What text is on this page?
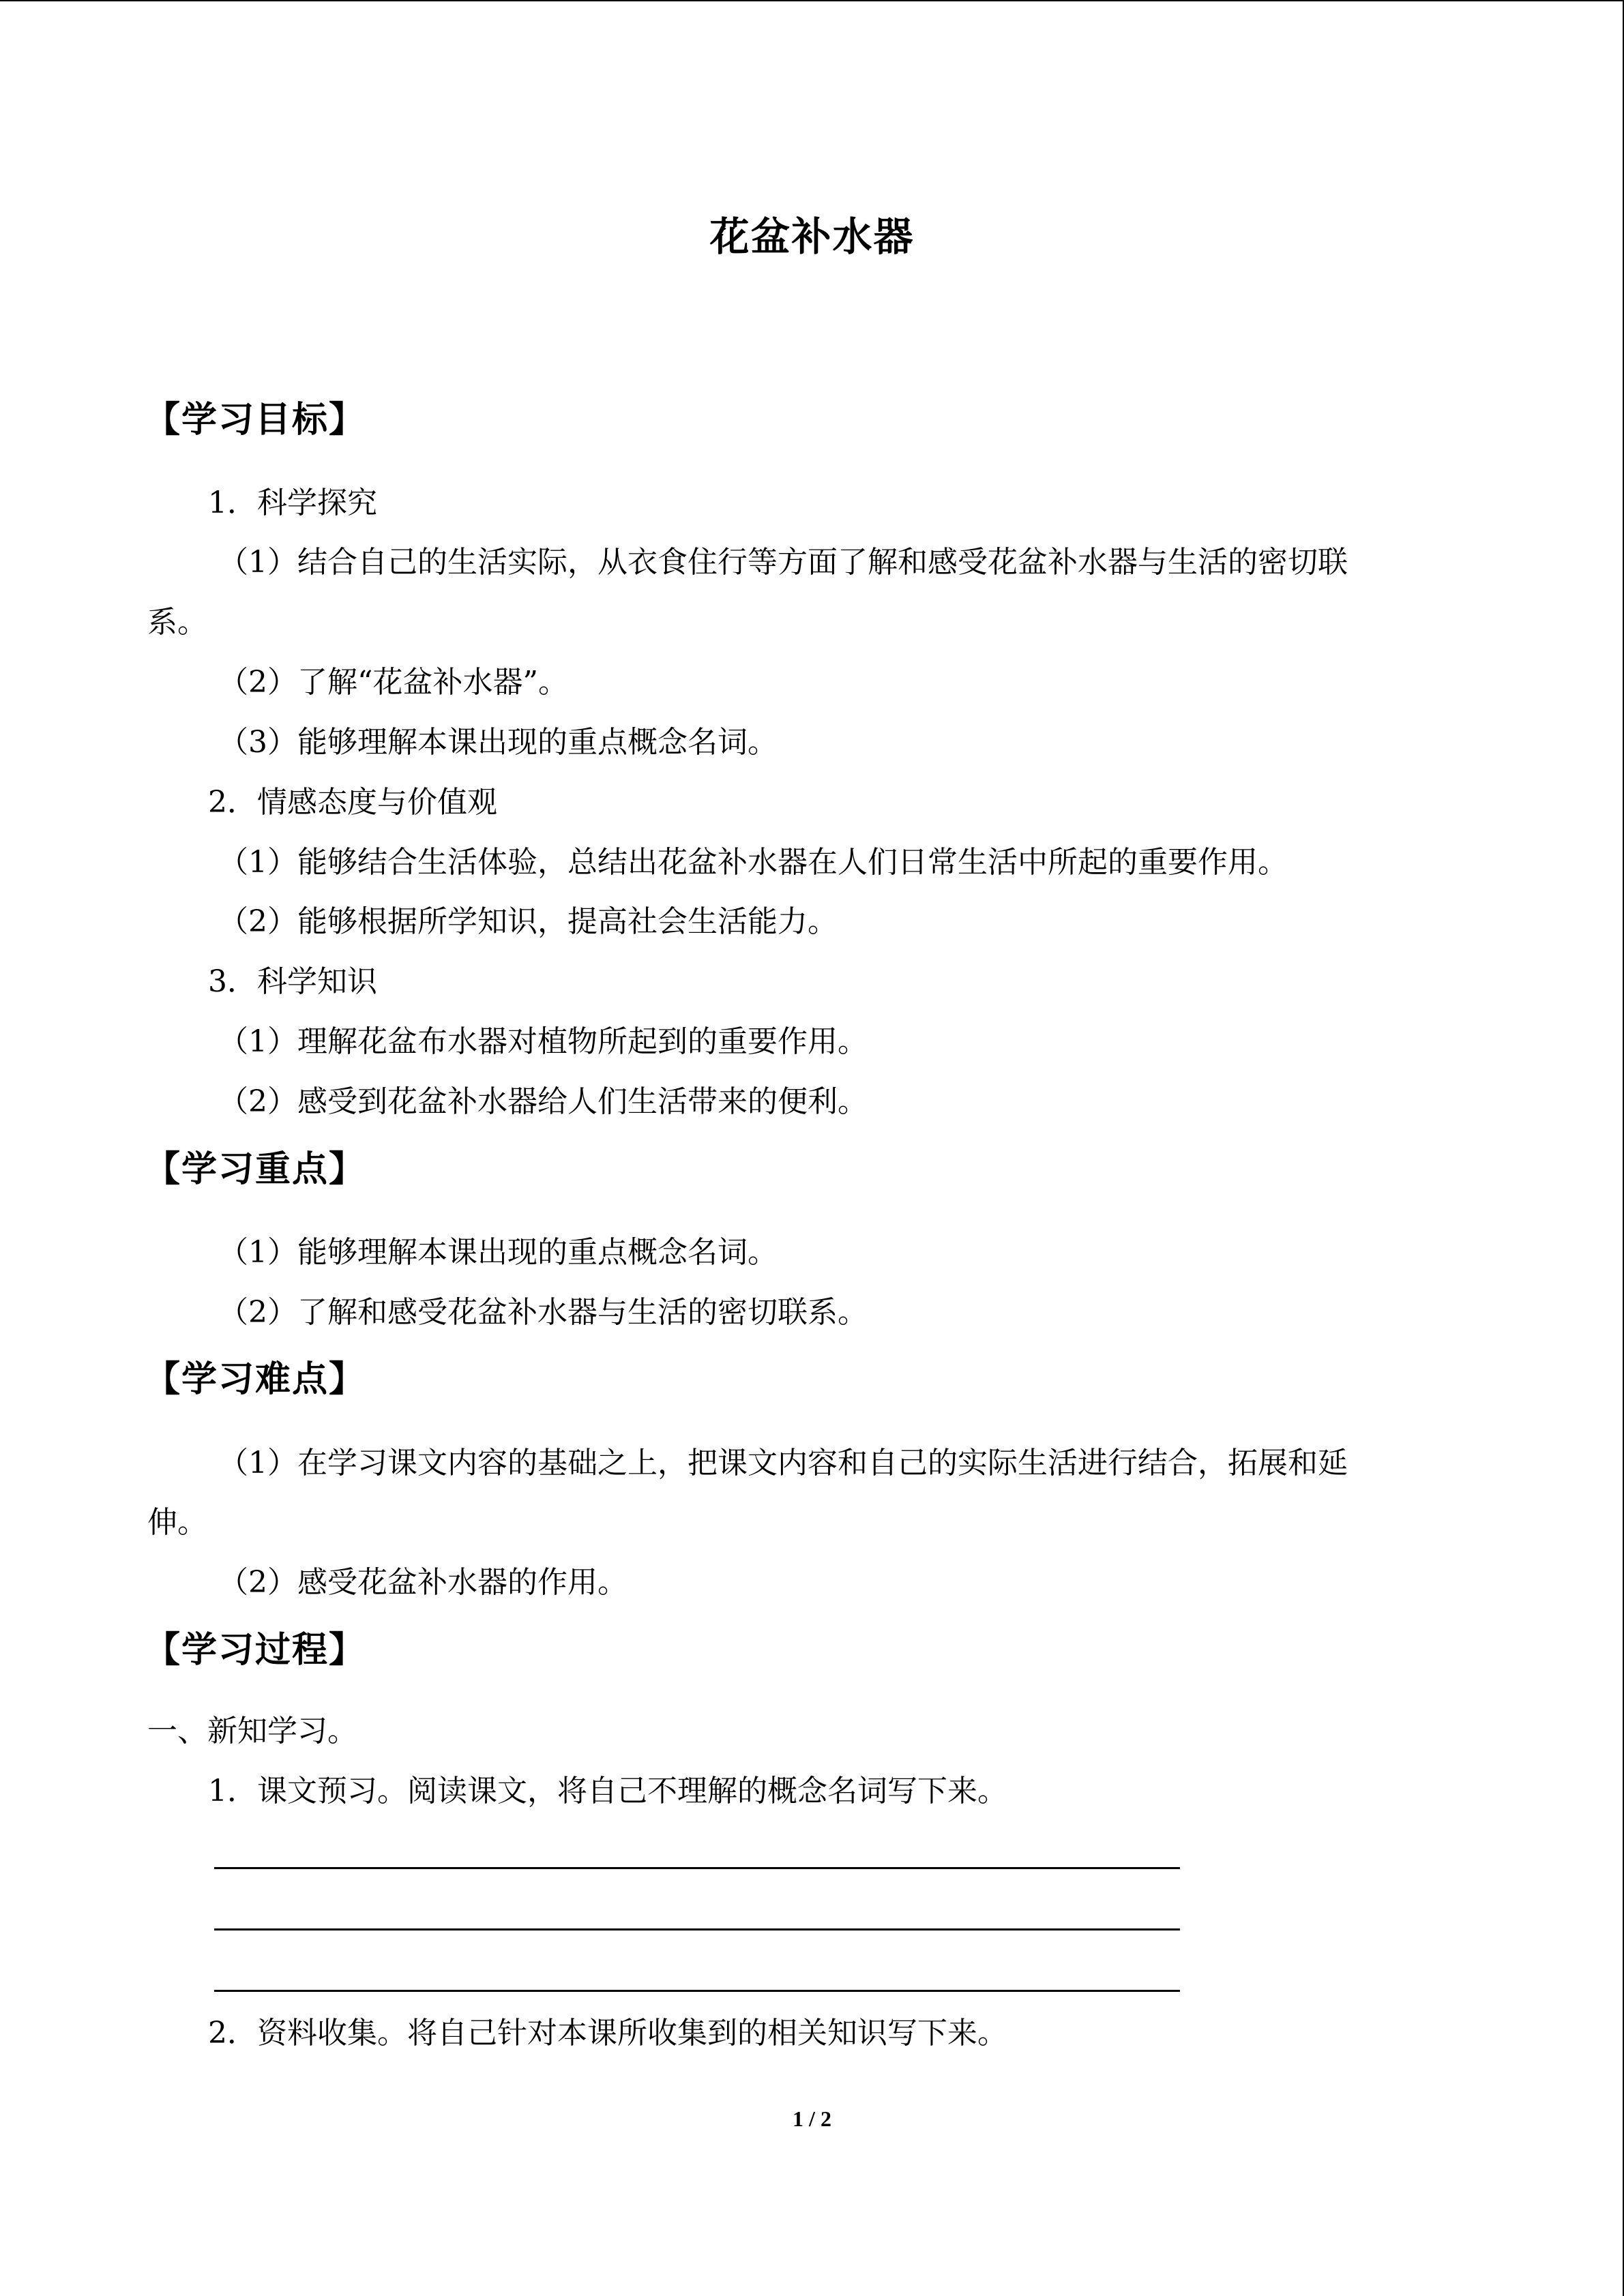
花盆补水器
【学习目标】
1．科学探究
（1）结合自己的生活实际，从衣食住行等方面了解和感受花盆补水器与生活的密切联
系。
（2）了解“花盆补水器”。
（3）能够理解本课出现的重点概念名词。
2．情感态度与价值观
（1）能够结合生活体验，总结出花盆补水器在人们日常生活中所起的重要作用。
（2）能够根据所学知识，提高社会生活能力。
3．科学知识
（1）理解花盆布水器对植物所起到的重要作用。
（2）感受到花盆补水器给人们生活带来的便利。
【学习重点】
（1）能够理解本课出现的重点概念名词。
（2）了解和感受花盆补水器与生活的密切联系。
【学习难点】
（1）在学习课文内容的基础之上，把课文内容和自己的实际生活进行结合，拓展和延
伸。
（2）感受花盆补水器的作用。
【学习过程】
一、新知学习。
1．课文预习。阅读课文，将自己不理解的概念名词写下来。
2．资料收集。将自己针对本课所收集到的相关知识写下来。
1 / 2
